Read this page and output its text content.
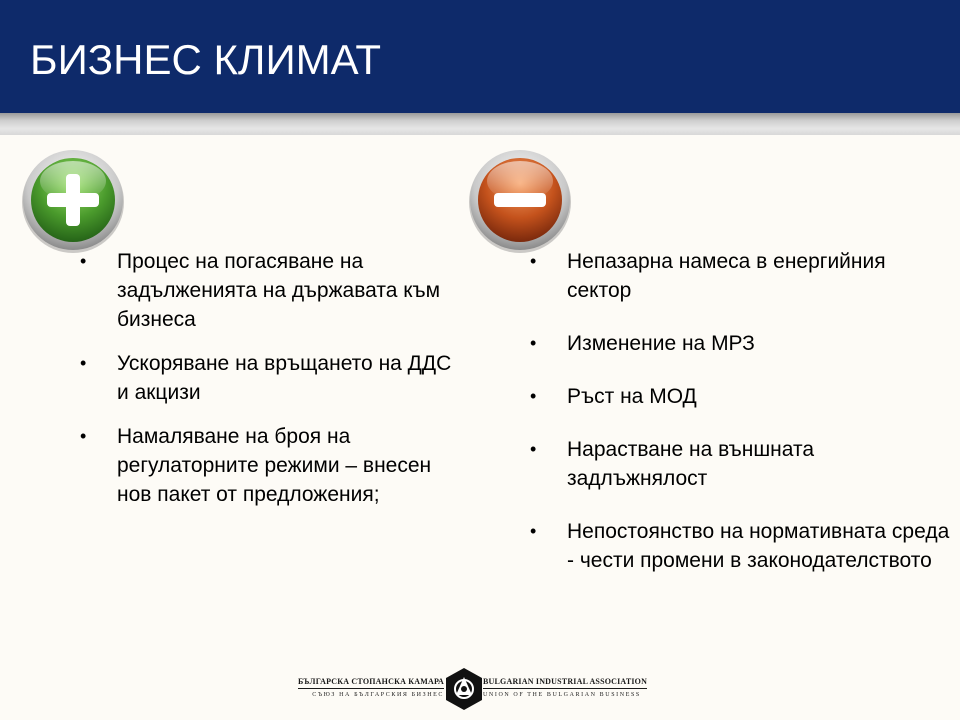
БИЗНЕС КЛИМАТ
• Процес на погасяване на задълженията на държавата към бизнеса
• Ускоряване на връщането на ДДС и акцизи
• Намаляване на броя на регулаторните режими – внесен нов пакет от предложения;
• Непазарна намеса в енергийния сектор
• Изменение на МРЗ
• Ръст на МОД
• Нарастване на външната задлъжнялост
• Непостоянство на нормативната среда - чести промени в законодателството
БЪЛГАРСКА СТОПАНСКА КАМАРА
СЪЮЗ НА БЪЛГАРСКИЯ БИЗНЕС
BULGARIAN INDUSTRIAL ASSOCIATION
UNION OF THE BULGARIAN BUSINESS
